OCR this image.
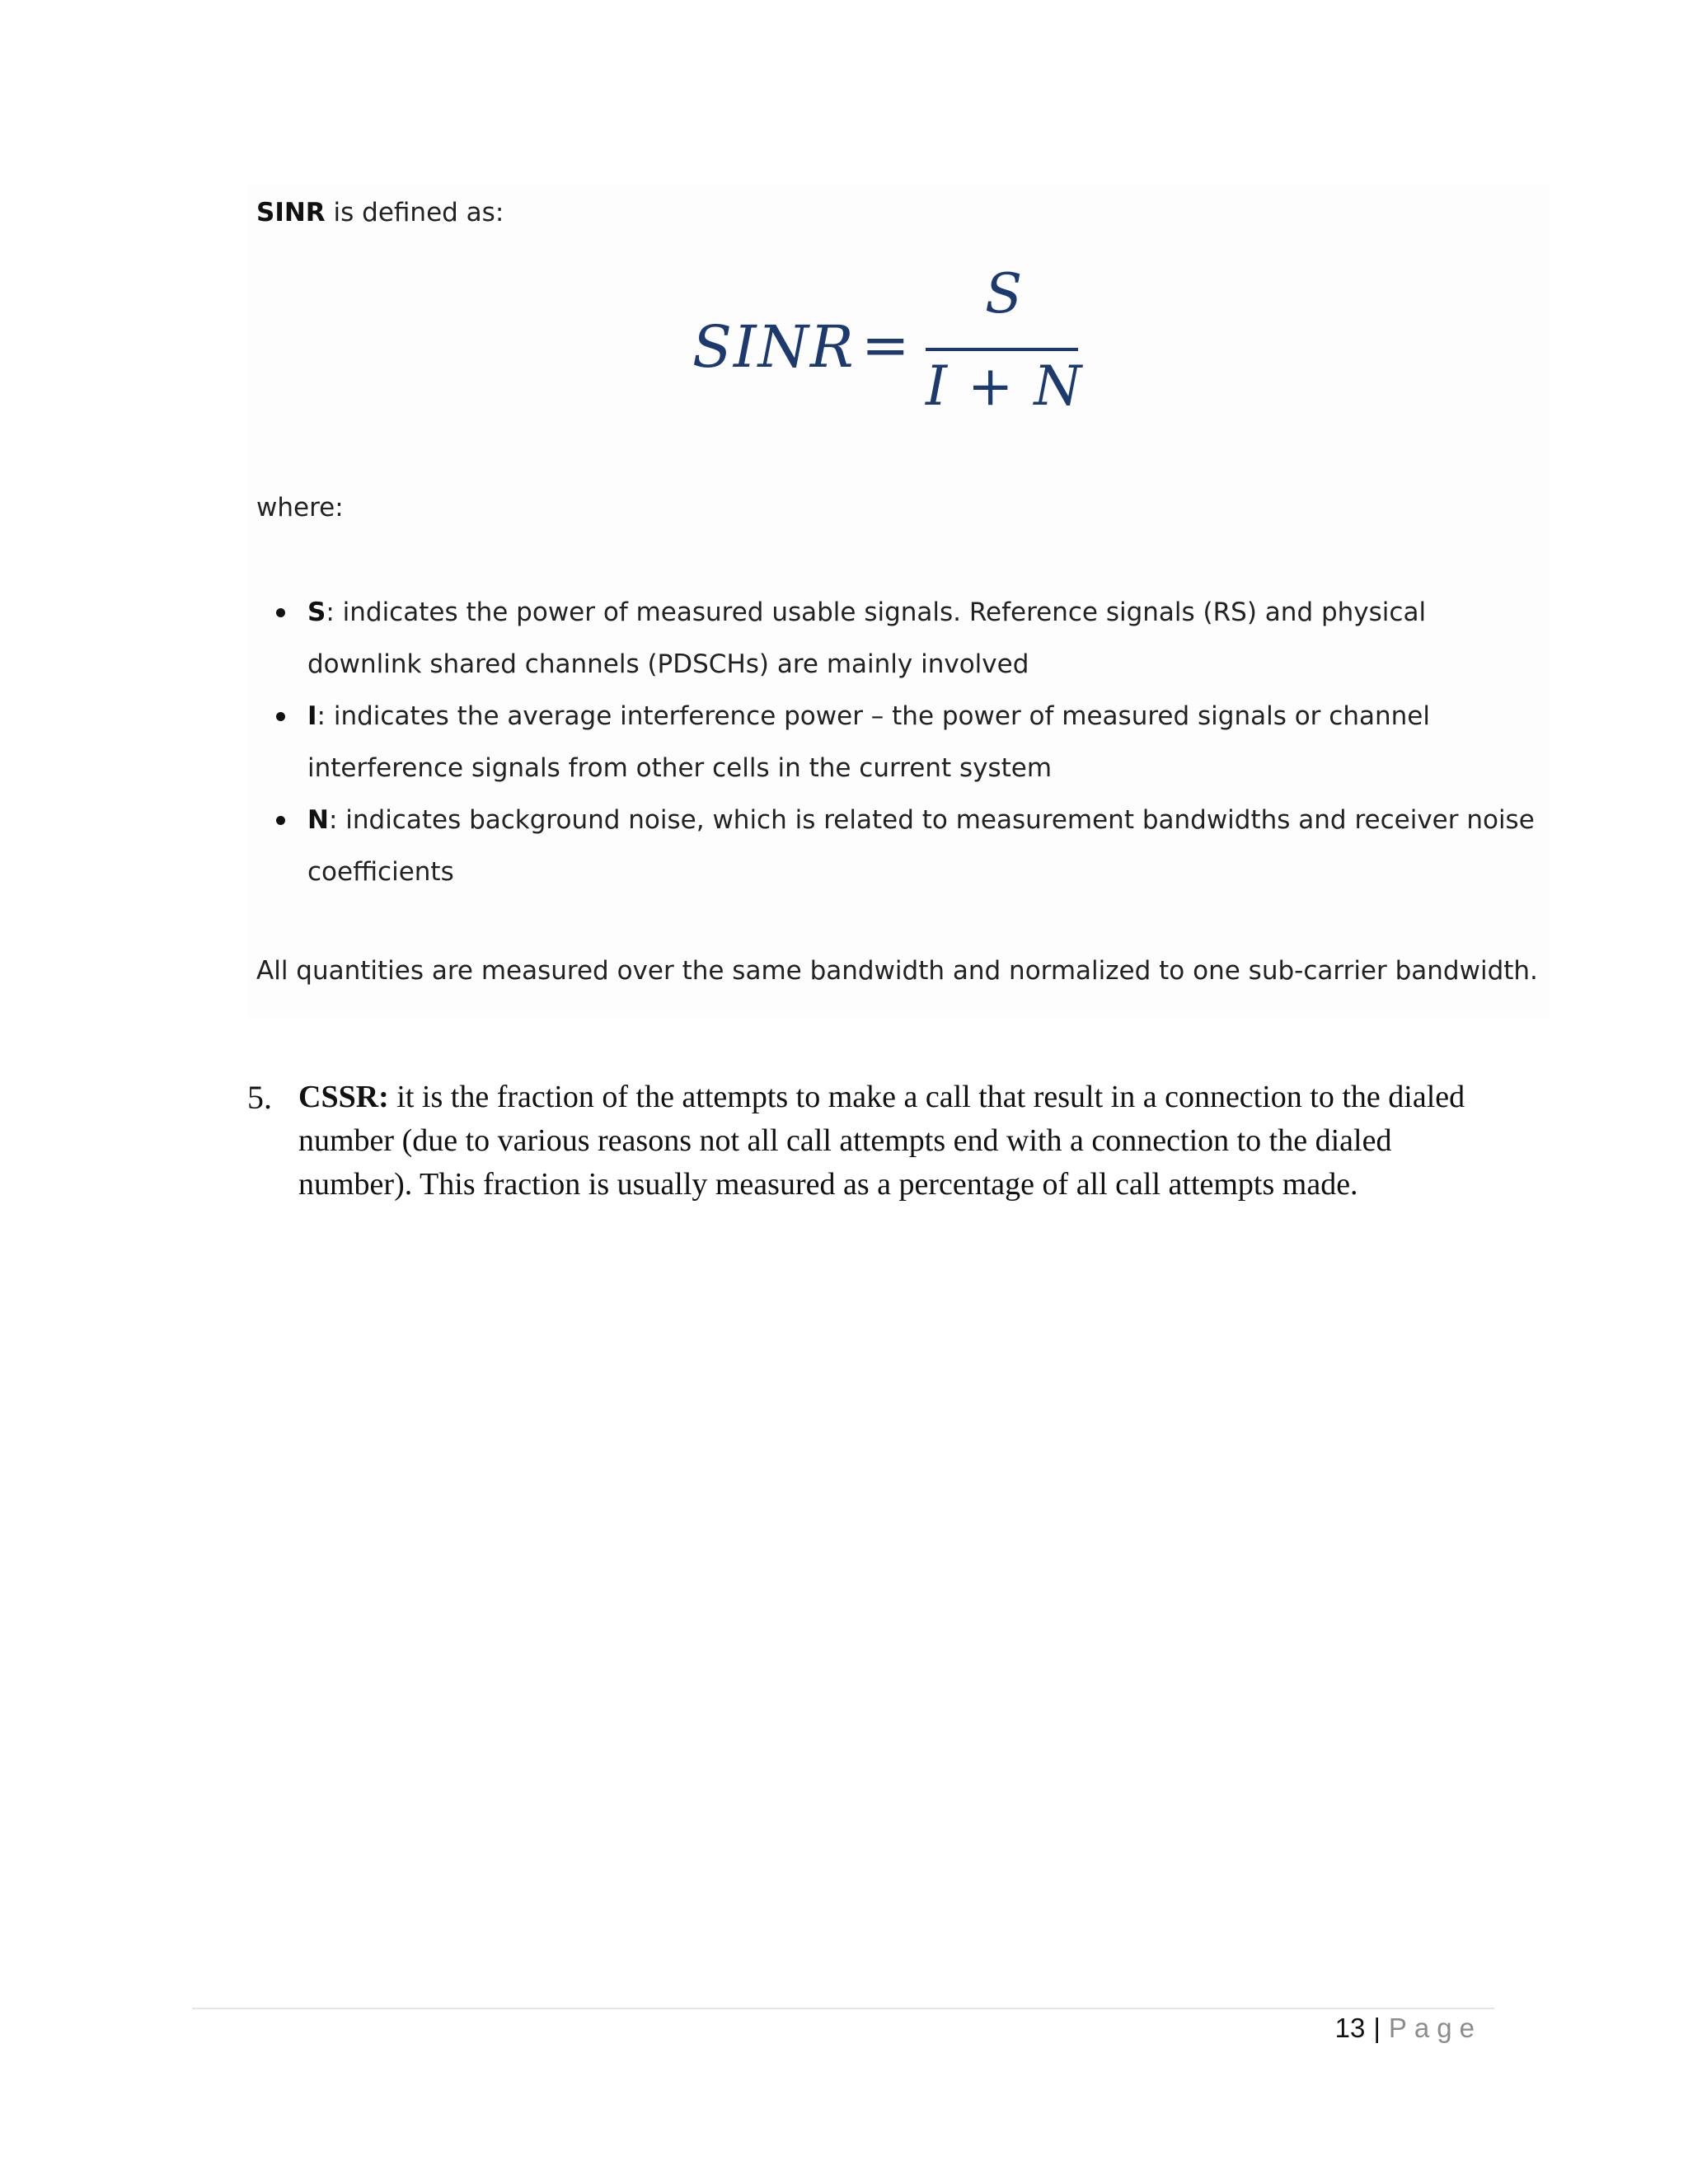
SINR is defined as:
SINR =
S
I + N
where:
S: indicates the power of measured usable signals. Reference signals (RS) and physical downlink shared channels (PDSCHs) are mainly involved
I: indicates the average interference power – the power of measured signals or channel interference signals from other cells in the current system
N: indicates background noise, which is related to measurement bandwidths and receiver noise coefficients
All quantities are measured over the same bandwidth and normalized to one sub-carrier bandwidth.
5. CSSR: it is the fraction of the attempts to make a call that result in a connection to the dialed number (due to various reasons not all call attempts end with a connection to the dialed number). This fraction is usually measured as a percentage of all call attempts made.
13 | Page
